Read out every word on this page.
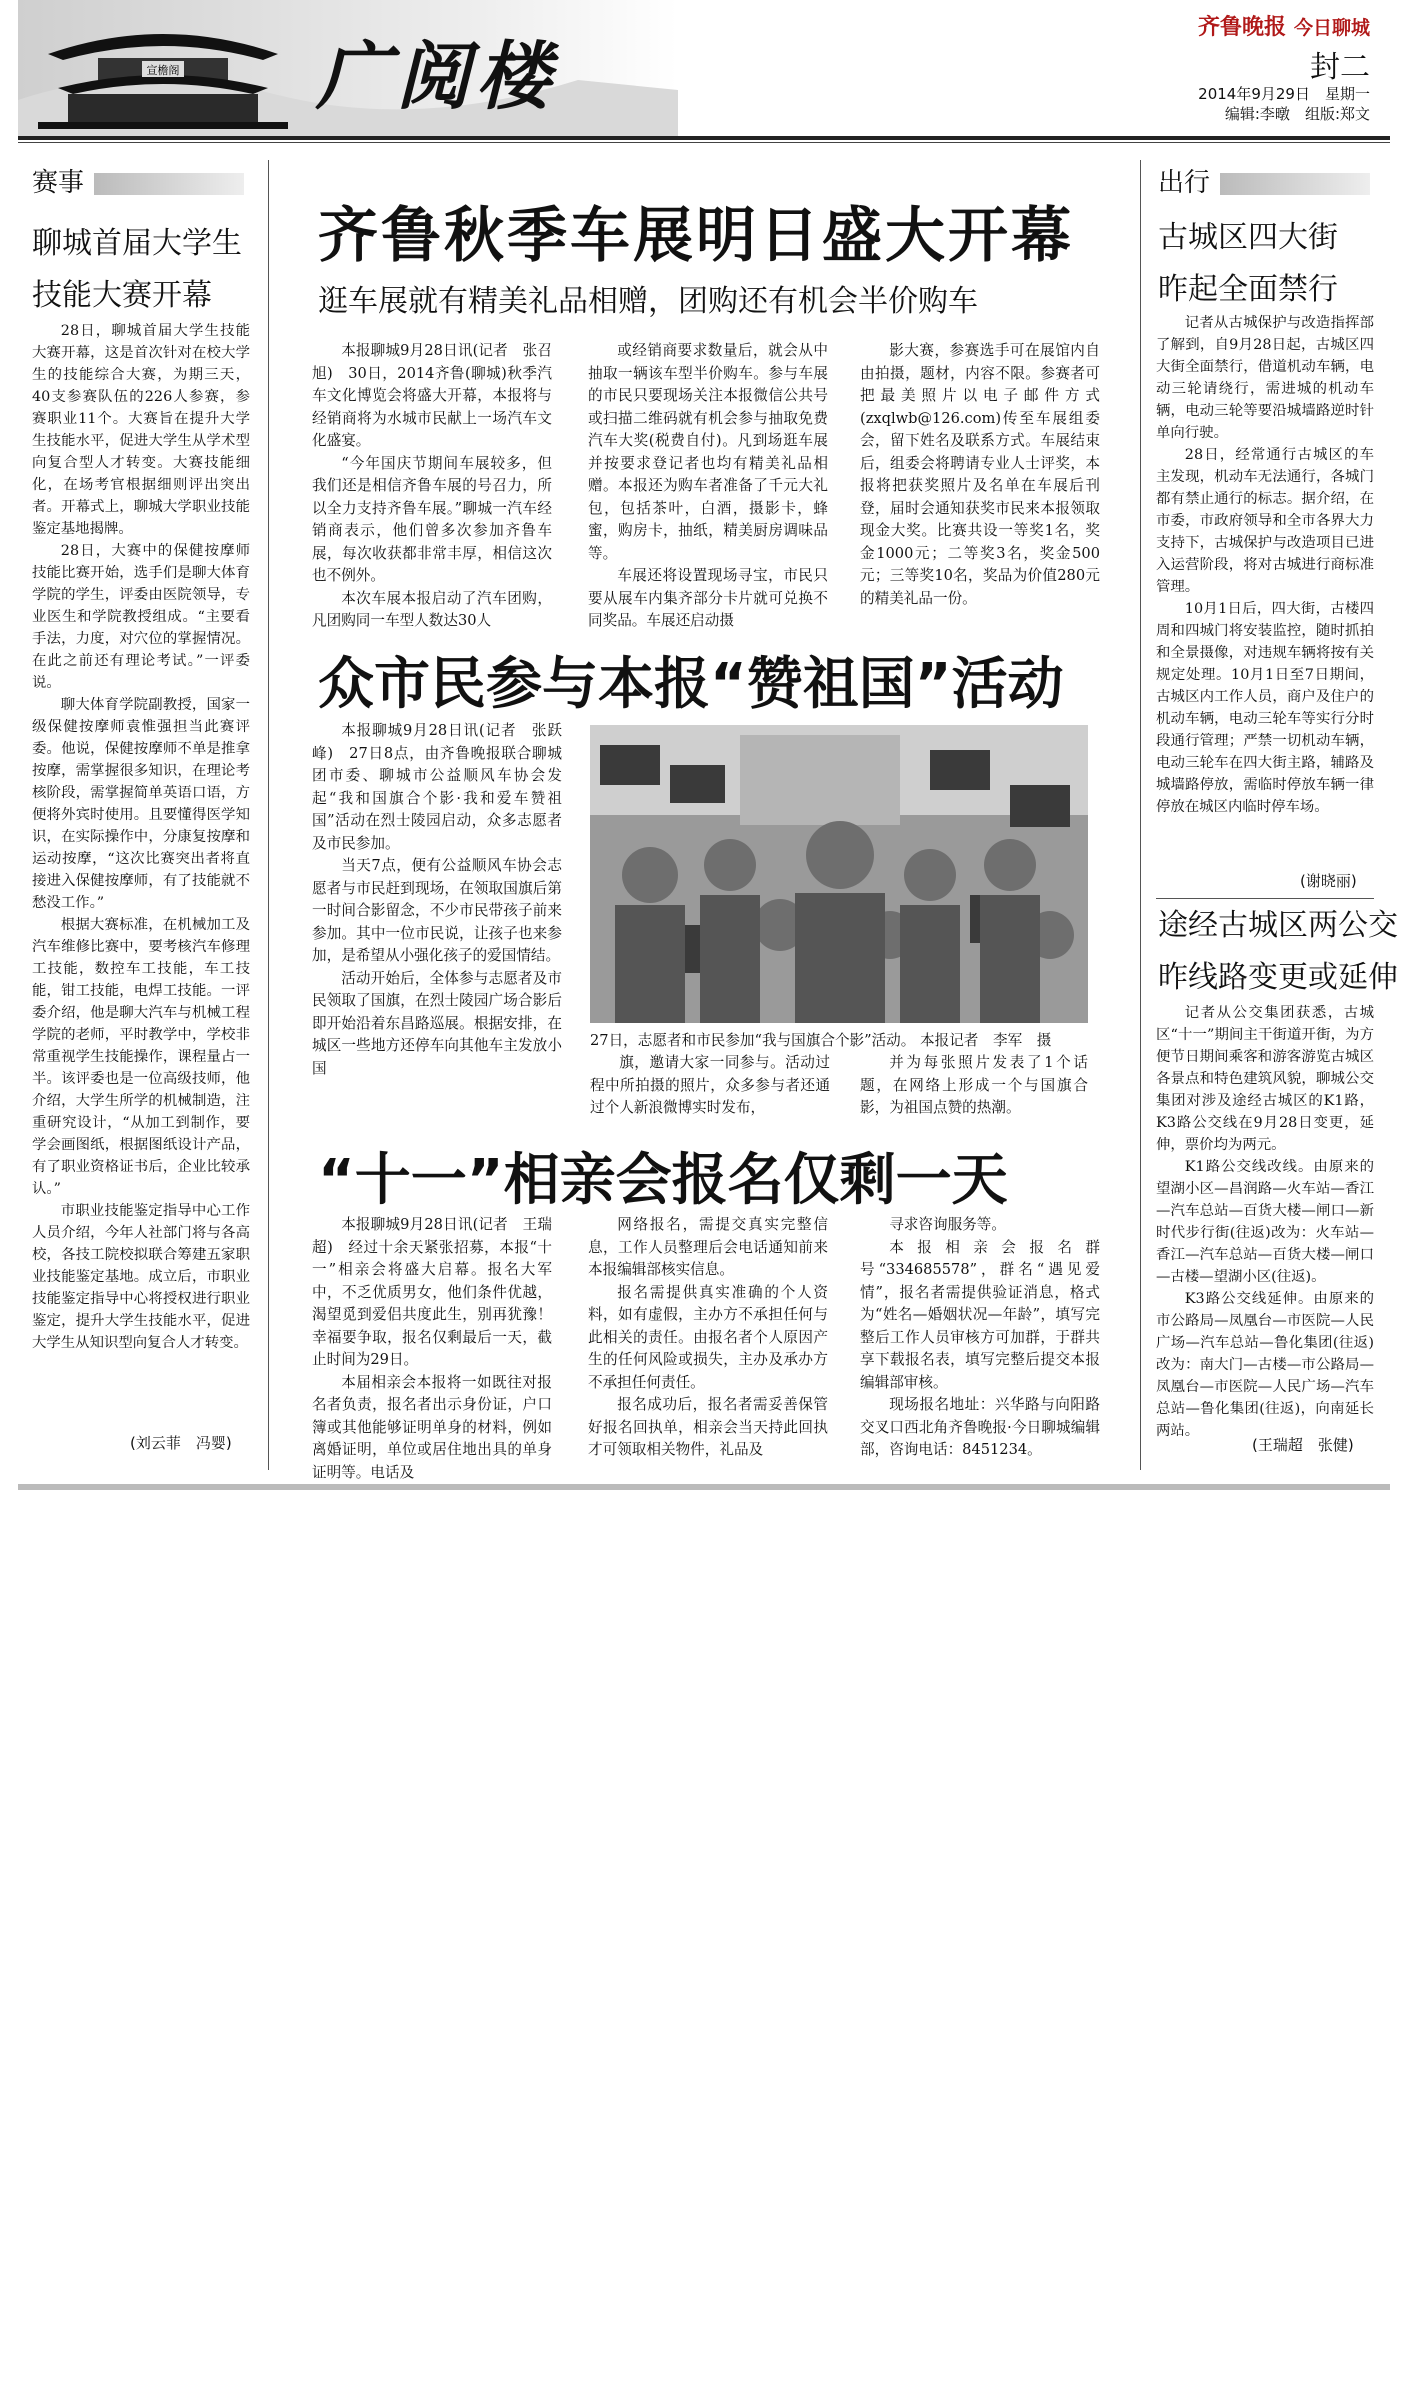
宣檐阁 广阅楼
齐鲁晚报 今日聊城
封二
2014年9月29日　 星期一
编辑:李暾　 组版:郑文
赛事
聊城首届大学生
技能大赛开幕

28日，聊城首届大学生技能大赛开幕，这是首次针对在校大学生的技能综合大赛，为期三天，40支参赛队伍的226人参赛，参赛职业11个。大赛旨在提升大学生技能水平，促进大学生从学术型向复合型人才转变。大赛技能细化，在场考官根据细则评出突出者。开幕式上，聊城大学职业技能鉴定基地揭牌。

28日，大赛中的保健按摩师技能比赛开始，选手们是聊大体育学院的学生，评委由医院领导，专业医生和学院教授组成。“主要看手法，力度，对穴位的掌握情况。在此之前还有理论考试。”一评委说。

聊大体育学院副教授，国家一级保健按摩师袁惟强担当此赛评委。他说，保健按摩师不单是推拿按摩，需掌握很多知识，在理论考核阶段，需掌握简单英语口语，方便将外宾时使用。且要懂得医学知识，在实际操作中，分康复按摩和运动按摩，“这次比赛突出者将直接进入保健按摩师，有了技能就不愁没工作。”

根据大赛标准，在机械加工及汽车维修比赛中，要考核汽车修理工技能，数控车工技能，车工技能，钳工技能，电焊工技能。一评委介绍，他是聊大汽车与机械工程学院的老师，平时教学中，学校非常重视学生技能操作，课程量占一半。该评委也是一位高级技师，他介绍，大学生所学的机械制造，注重研究设计，“从加工到制作，要学会画图纸，根据图纸设计产品，有了职业资格证书后，企业比较承认。”

市职业技能鉴定指导中心工作人员介绍，今年人社部门将与各高校，各技工院校拟联合筹建五家职业技能鉴定基地。成立后，市职业技能鉴定指导中心将授权进行职业鉴定，提升大学生技能水平，促进大学生从知识型向复合人才转变。

(刘云菲　冯婴)
齐鲁秋季车展明日盛大开幕
逛车展就有精美礼品相赠，团购还有机会半价购车

本报聊城9月28日讯(记者　张召旭)　30日，2014齐鲁(聊城)秋季汽车文化博览会将盛大开幕，本报将与经销商将为水城市民献上一场汽车文化盛宴。

“今年国庆节期间车展较多，但我们还是相信齐鲁车展的号召力，所以全力支持齐鲁车展。”聊城一汽车经销商表示，他们曾多次参加齐鲁车展，每次收获都非常丰厚，相信这次也不例外。

本次车展本报启动了汽车团购，凡团购同一车型人数达30人

或经销商要求数量后，就会从中抽取一辆该车型半价购车。参与车展的市民只要现场关注本报微信公共号或扫描二维码就有机会参与抽取免费汽车大奖(税费自付)。凡到场逛车展并按要求登记者也均有精美礼品相赠。本报还为购车者准备了千元大礼包，包括茶叶，白酒，摄影卡，蜂蜜，购房卡，抽纸，精美厨房调味品等。

车展还将设置现场寻宝，市民只要从展车内集齐部分卡片就可兑换不同奖品。车展还启动摄

影大赛，参赛选手可在展馆内自由拍摄，题材，内容不限。参赛者可把最美照片以电子邮件方式(zxqlwb@126.com)传至车展组委会，留下姓名及联系方式。车展结束后，组委会将聘请专业人士评奖，本报将把获奖照片及名单在车展后刊登，届时会通知获奖市民来本报领取现金大奖。比赛共设一等奖1名，奖金1000元；二等奖3名，奖金500元；三等奖10名，奖品为价值280元的精美礼品一份。

众市民参与本报“赞祖国”活动

本报聊城9月28日讯(记者　张跃峰)　27日8点，由齐鲁晚报联合聊城团市委、聊城市公益顺风车协会发起“我和国旗合个影·我和爱车赞祖国”活动在烈士陵园启动，众多志愿者及市民参加。

当天7点，便有公益顺风车协会志愿者与市民赶到现场，在领取国旗后第一时间合影留念，不少市民带孩子前来参加。其中一位市民说，让孩子也来参加，是希望从小强化孩子的爱国情结。

活动开始后，全体参与志愿者及市民领取了国旗，在烈士陵园广场合影后即开始沿着东昌路巡展。根据安排，在城区一些地方还停车向其他车主发放小国

27日，志愿者和市民参加“我与国旗合个影”活动。 本报记者　李军　摄

旗，邀请大家一同参与。活动过程中所拍摄的照片，众多参与者还通过个人新浪微博实时发布，

并为每张照片发表了1个话题，在网络上形成一个与国旗合影，为祖国点赞的热潮。

“十一”相亲会报名仅剩一天

本报聊城9月28日讯(记者　王瑞超)　经过十余天紧张招募，本报“十一”相亲会将盛大启幕。报名大军中，不乏优质男女，他们条件优越，渴望觅到爱侣共度此生，别再犹豫！幸福要争取，报名仅剩最后一天，截止时间为29日。

本届相亲会本报将一如既往对报名者负责，报名者出示身份证，户口簿或其他能够证明单身的材料，例如离婚证明，单位或居住地出具的单身证明等。电话及

网络报名，需提交真实完整信息，工作人员整理后会电话通知前来本报编辑部核实信息。

报名需提供真实准确的个人资料，如有虚假，主办方不承担任何与此相关的责任。由报名者个人原因产生的任何风险或损失，主办及承办方不承担任何责任。

报名成功后，报名者需妥善保管好报名回执单，相亲会当天持此回执才可领取相关物件，礼品及

寻求咨询服务等。

本报相亲会报名群号“334685578”，群名“遇见爱情”，报名者需提供验证消息，格式为“姓名—婚姻状况—年龄”，填写完整后工作人员审核方可加群，于群共享下载报名表，填写完整后提交本报编辑部审核。

现场报名地址：兴华路与向阳路交叉口西北角齐鲁晚报·今日聊城编辑部，咨询电话：8451234。

出行
古城区四大街
昨起全面禁行

记者从古城保护与改造指挥部了解到，自9月28日起，古城区四大街全面禁行，借道机动车辆，电动三轮请绕行，需进城的机动车辆，电动三轮等要沿城墙路逆时针单向行驶。

28日，经常通行古城区的车主发现，机动车无法通行，各城门都有禁止通行的标志。据介绍，在市委，市政府领导和全市各界大力支持下，古城保护与改造项目已进入运营阶段，将对古城进行商标准管理。

10月1日后，四大街，古楼四周和四城门将安装监控，随时抓拍和全景摄像，对违规车辆将按有关规定处理。10月1日至7日期间，古城区内工作人员，商户及住户的机动车辆，电动三轮车等实行分时段通行管理；严禁一切机动车辆，电动三轮车在四大街主路，辅路及城墙路停放，需临时停放车辆一律停放在城区内临时停车场。

(谢晓丽)
途经古城区两公交
昨线路变更或延伸

记者从公交集团获悉，古城区“十一”期间主干街道开街，为方便节日期间乘客和游客游览古城区各景点和特色建筑风貌，聊城公交集团对涉及途经古城区的K1路，K3路公交线在9月28日变更，延伸，票价均为两元。

K1路公交线改线。由原来的望湖小区—昌润路—火车站—香江—汽车总站—百货大楼—闸口—新时代步行街(往返)改为：火车站—香江—汽车总站—百货大楼—闸口—古楼—望湖小区(往返)。

K3路公交线延伸。由原来的市公路局—凤凰台—市医院—人民广场—汽车总站—鲁化集团(往返)改为：南大门—古楼—市公路局—凤凰台—市医院—人民广场—汽车总站—鲁化集团(往返)，向南延长两站。

(王瑞超　张健)
